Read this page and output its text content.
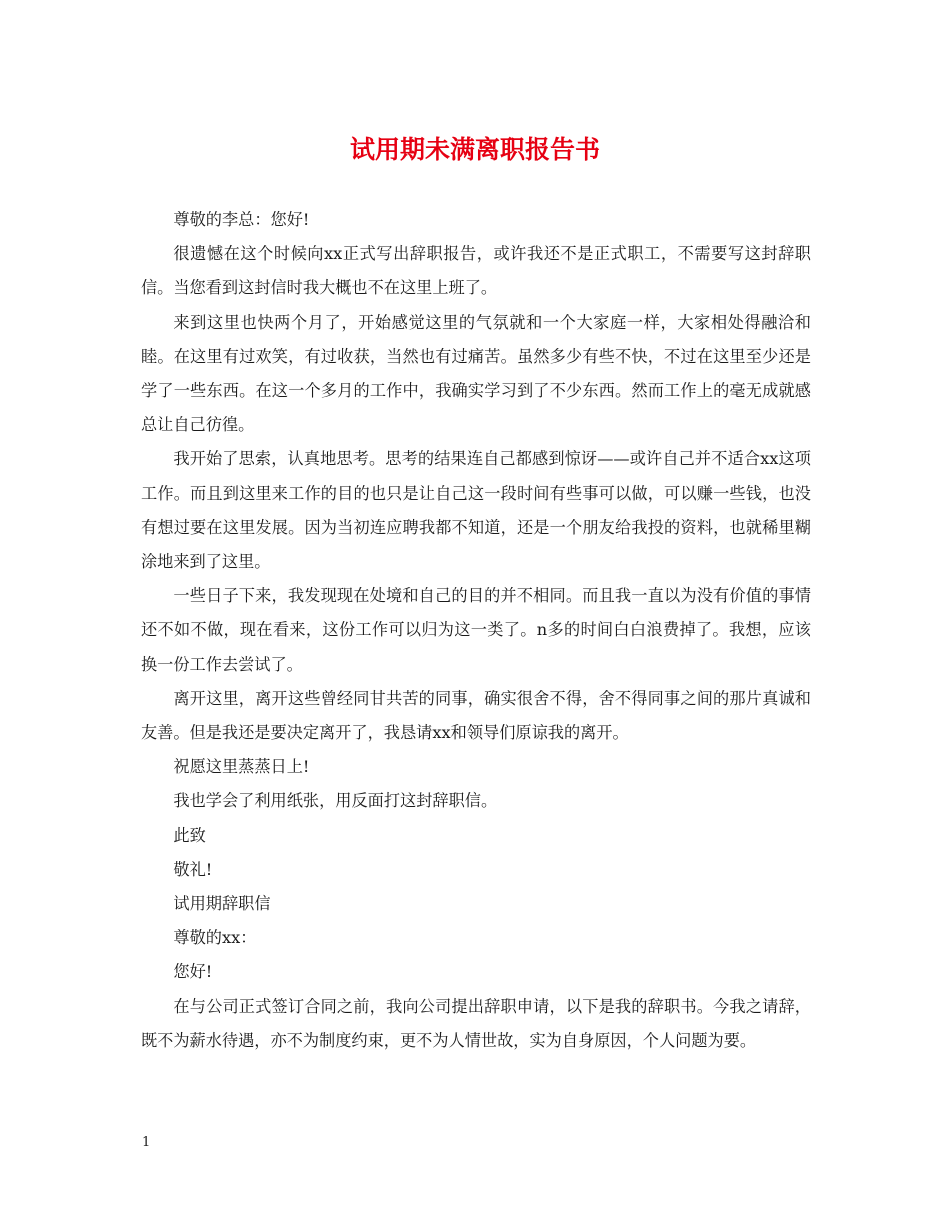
试用期未满离职报告书

尊敬的李总：您好!

很遗憾在这个时候向xx正式写出辞职报告，或许我还不是正式职工，不需要写这封辞职信。当您看到这封信时我大概也不在这里上班了。

来到这里也快两个月了，开始感觉这里的气氛就和一个大家庭一样，大家相处得融洽和睦。在这里有过欢笑，有过收获，当然也有过痛苦。虽然多少有些不快，不过在这里至少还是学了一些东西。在这一个多月的工作中，我确实学习到了不少东西。然而工作上的毫无成就感总让自己彷徨。

我开始了思索，认真地思考。思考的结果连自己都感到惊讶——或许自己并不适合xx这项工作。而且到这里来工作的目的也只是让自己这一段时间有些事可以做，可以赚一些钱，也没有想过要在这里发展。因为当初连应聘我都不知道，还是一个朋友给我投的资料，也就稀里糊涂地来到了这里。

一些日子下来，我发现现在处境和自己的目的并不相同。而且我一直以为没有价值的事情还不如不做，现在看来，这份工作可以归为这一类了。n多的时间白白浪费掉了。我想，应该换一份工作去尝试了。

离开这里，离开这些曾经同甘共苦的同事，确实很舍不得，舍不得同事之间的那片真诚和友善。但是我还是要决定离开了，我恳请xx和领导们原谅我的离开。

祝愿这里蒸蒸日上!

我也学会了利用纸张，用反面打这封辞职信。

此致

敬礼!

试用期辞职信

尊敬的xx：

您好!

在与公司正式签订合同之前，我向公司提出辞职申请，以下是我的辞职书。今我之请辞，既不为薪水待遇，亦不为制度约束，更不为人情世故，实为自身原因，个人问题为要。

1
